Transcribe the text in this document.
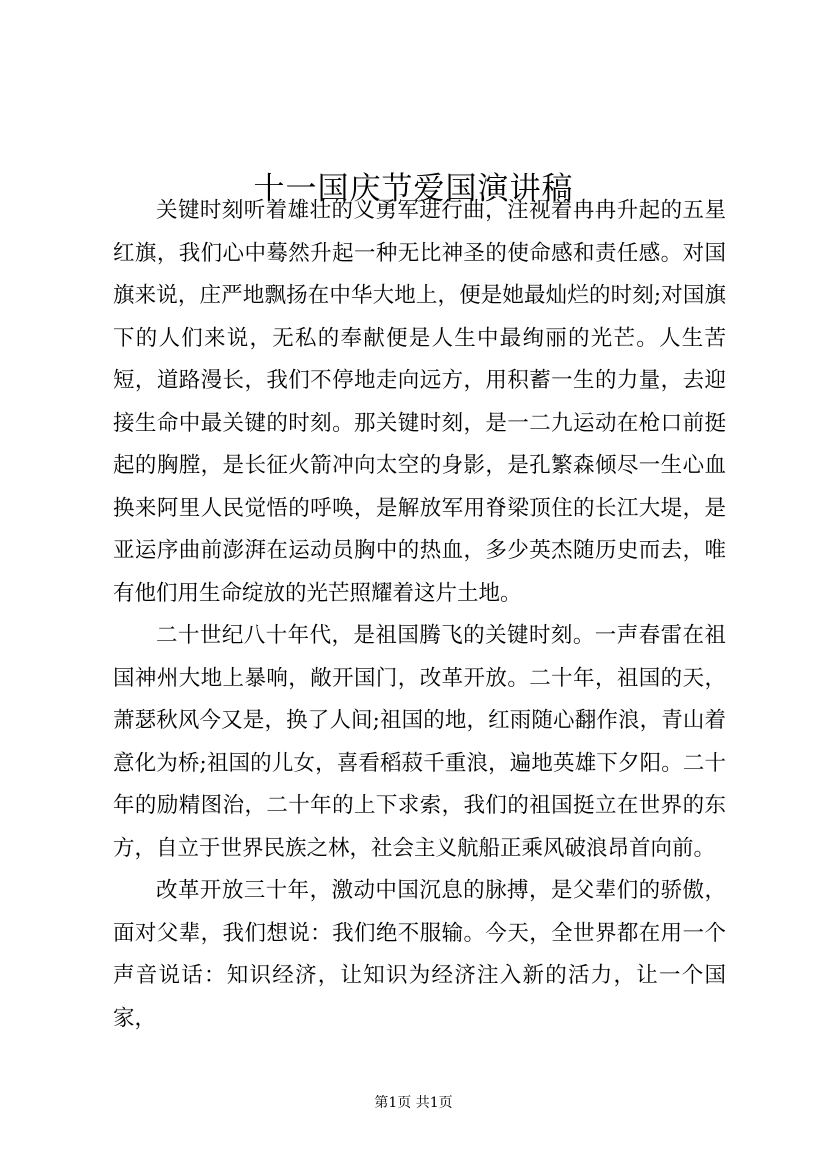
十一国庆节爱国演讲稿

关键时刻听着雄壮的义勇军进行曲，注视着冉冉升起的五星红旗，我们心中蓦然升起一种无比神圣的使命感和责任感。对国旗来说，庄严地飘扬在中华大地上，便是她最灿烂的时刻;对国旗下的人们来说，无私的奉献便是人生中最绚丽的光芒。人生苦短，道路漫长，我们不停地走向远方，用积蓄一生的力量，去迎接生命中最关键的时刻。那关键时刻，是一二九运动在枪口前挺起的胸膛，是长征火箭冲向太空的身影，是孔繁森倾尽一生心血换来阿里人民觉悟的呼唤，是解放军用脊梁顶住的长江大堤，是亚运序曲前澎湃在运动员胸中的热血，多少英杰随历史而去，唯有他们用生命绽放的光芒照耀着这片土地。

二十世纪八十年代，是祖国腾飞的关键时刻。一声春雷在祖国神州大地上暴响，敞开国门，改革开放。二十年，祖国的天，萧瑟秋风今又是，换了人间;祖国的地，红雨随心翻作浪，青山着意化为桥;祖国的儿女，喜看稻菽千重浪，遍地英雄下夕阳。二十年的励精图治，二十年的上下求索，我们的祖国挺立在世界的东方，自立于世界民族之林，社会主义航船正乘风破浪昂首向前。

改革开放三十年，激动中国沉息的脉搏，是父辈们的骄傲，面对父辈，我们想说：我们绝不服输。今天，全世界都在用一个声音说话：知识经济，让知识为经济注入新的活力，让一个国家，

第1页 共1页
